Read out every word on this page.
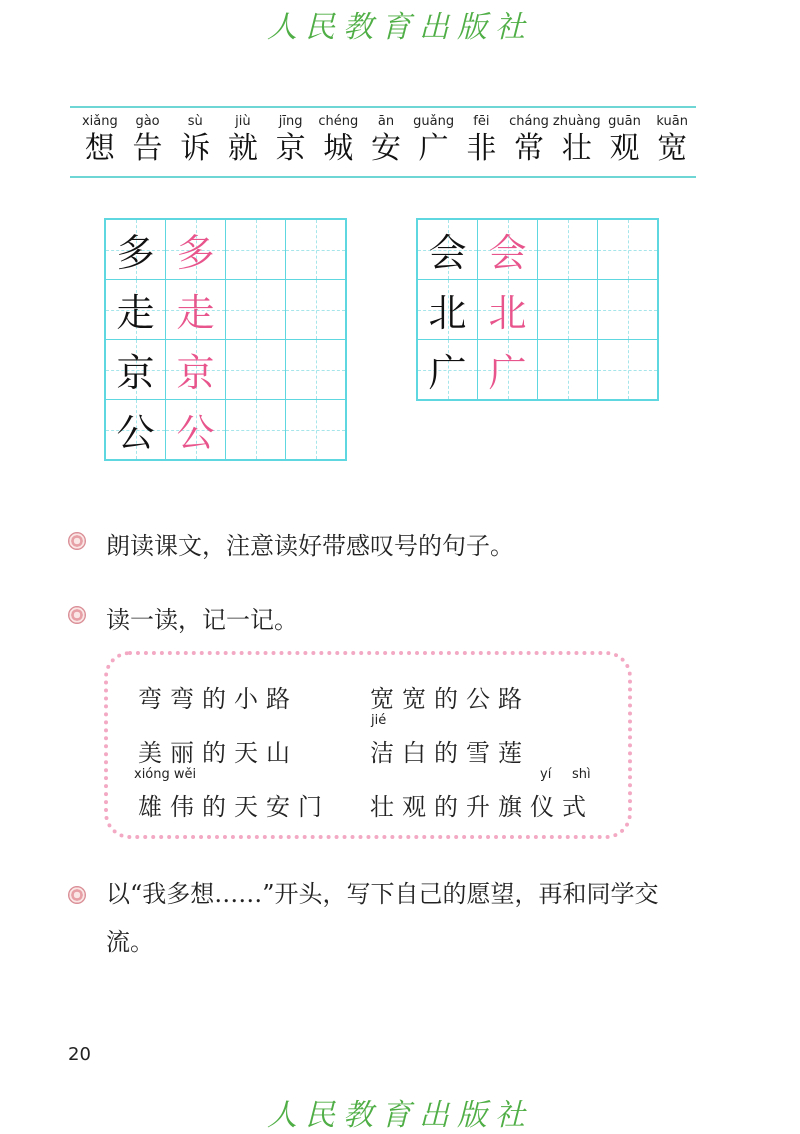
人民教育出版社
xiǎng
想
gào
告
sù
诉
jiù
就
jīng
京
chéng
城
ān
安
guǎng
广
fēi
非
cháng
常
zhuàng
壮
guān
观
kuān
宽
多	多		
走	走		
京	京		
公	公		
会	会		
北	北		
广	广		
朗读课文，注意读好带感叹号的句子。
读一读，记一记。
弯弯的小路	宽宽的公路
jié
美丽的天山	洁白的雪莲
xióng wěi	yí shì
雄伟的天安门 壮观的升旗仪式
以“我多想……”开头，写下自己的愿望，再和同学交流。
20
人民教育出版社
